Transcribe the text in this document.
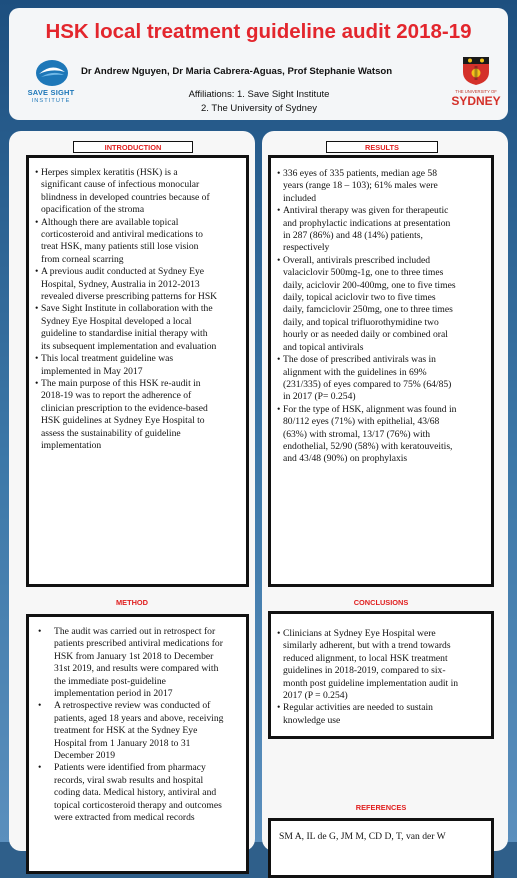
HSK local treatment guideline audit 2018-19
SAVE SIGHT
INSTITUTE
Dr Andrew Nguyen, Dr Maria Cabrera-Aguas, Prof Stephanie Watson
Affiliations: 1. Save Sight Institute
2. The University of Sydney
THE UNIVERSITY OF
SYDNEY
INTRODUCTION
• Herpes simplex keratitis (HSK) is a
significant cause of infectious monocular
blindness in developed countries because of
opacification of the stroma
• Although there are available topical
corticosteroid and antiviral medications to
treat HSK, many patients still lose vision
from corneal scarring
• A previous audit conducted at Sydney Eye
Hospital, Sydney, Australia in 2012-2013
revealed diverse prescribing patterns for HSK
• Save Sight Institute in collaboration with the
Sydney Eye Hospital developed a local
guideline to standardise initial therapy with
its subsequent implementation and evaluation
• This local treatment guideline was
implemented in May 2017
• The main purpose of this HSK re-audit in
2018-19 was to report the adherence of
clinician prescription to the evidence-based
HSK guidelines at Sydney Eye Hospital to
assess the sustainability of guideline
implementation
METHOD
• The audit was carried out in retrospect for
patients prescribed antiviral medications for
HSK from January 1st 2018 to December
31st 2019, and results were compared with
the immediate post-guideline
implementation period in 2017
• A retrospective review was conducted of
patients, aged 18 years and above, receiving
treatment for HSK at the Sydney Eye
Hospital from 1 January 2018 to 31
December 2019
• Patients were identified from pharmacy
records, viral swab results and hospital
coding data. Medical history, antiviral and
topical corticosteroid therapy and outcomes
were extracted from medical records
RESULTS
• 336 eyes of 335 patients, median age 58
years (range 18 – 103); 61% males were
included
• Antiviral therapy was given for therapeutic
and prophylactic indications at presentation
in 287 (86%) and 48 (14%) patients,
respectively
• Overall, antivirals prescribed included
valaciclovir 500mg-1g, one to three times
daily, aciclovir 200-400mg, one to five times
daily, topical aciclovir two to five times
daily, famciclovir 250mg, one to three times
daily, and topical trifluorothymidine two
hourly or as needed daily or combined oral
and topical antivirals
• The dose of prescribed antivirals was in
alignment with the guidelines in 69%
(231/335) of eyes compared to 75% (64/85)
in 2017 (P= 0.254)
• For the type of HSK, alignment was found in
80/112 eyes (71%) with epithelial, 43/68
(63%) with stromal, 13/17 (76%) with
endothelial, 52/90 (58%) with keratouveitis,
and 43/48 (90%) on prophylaxis
CONCLUSIONS
• Clinicians at Sydney Eye Hospital were
similarly adherent, but with a trend towards
reduced alignment, to local HSK treatment
guidelines in 2018-2019, compared to six-
month post guideline implementation audit in
2017 (P = 0.254)
• Regular activities are needed to sustain
knowledge use
REFERENCES
SM A, IL de G, JM M, CD D, T, van der W
